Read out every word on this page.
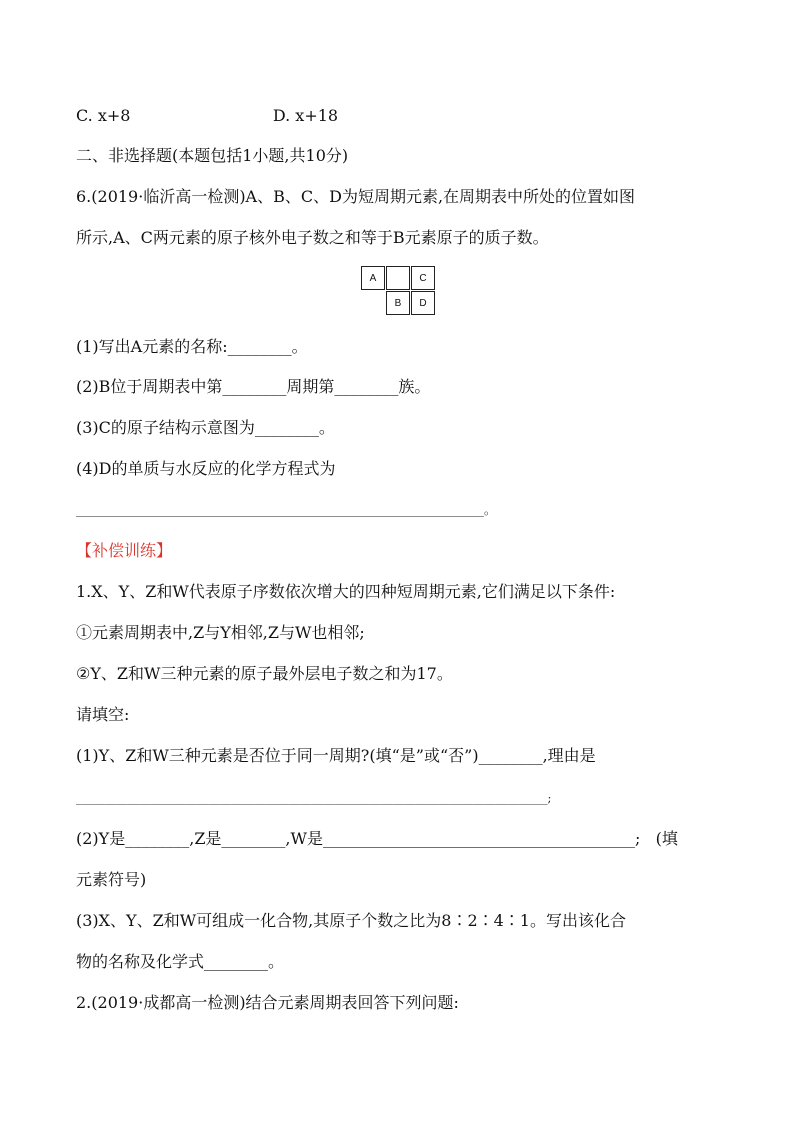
C. x+8                            D. x+18
二、非选择题(本题包括1小题,共10分)
6.(2019·临沂高一检测)A、B、C、D为短周期元素,在周期表中所处的位置如图
所示,A、C两元素的原子核外电子数之和等于B元素原子的质子数。
A	C
B	D
(1)写出A元素的名称:________。
(2)B位于周期表中第________周期第________族。
(3)C的原子结构示意图为________。
(4)D的单质与水反应的化学方程式为
____________________________________________________________________。
【补偿训练】
1.X、Y、Z和W代表原子序数依次增大的四种短周期元素,它们满足以下条件:
①元素周期表中,Z与Y相邻,Z与W也相邻;
②Y、Z和W三种元素的原子最外层电子数之和为17。
请填空:
(1)Y、Z和W三种元素是否位于同一周期?(填“是”或“否”)________,理由是
__________________________________________________________________________________;
(2)Y是________,Z是________,W是_______________________________________;   (填
元素符号)
(3)X、Y、Z和W可组成一化合物,其原子个数之比为8∶2∶4∶1。写出该化合
物的名称及化学式________。
2.(2019·成都高一检测)结合元素周期表回答下列问题:
